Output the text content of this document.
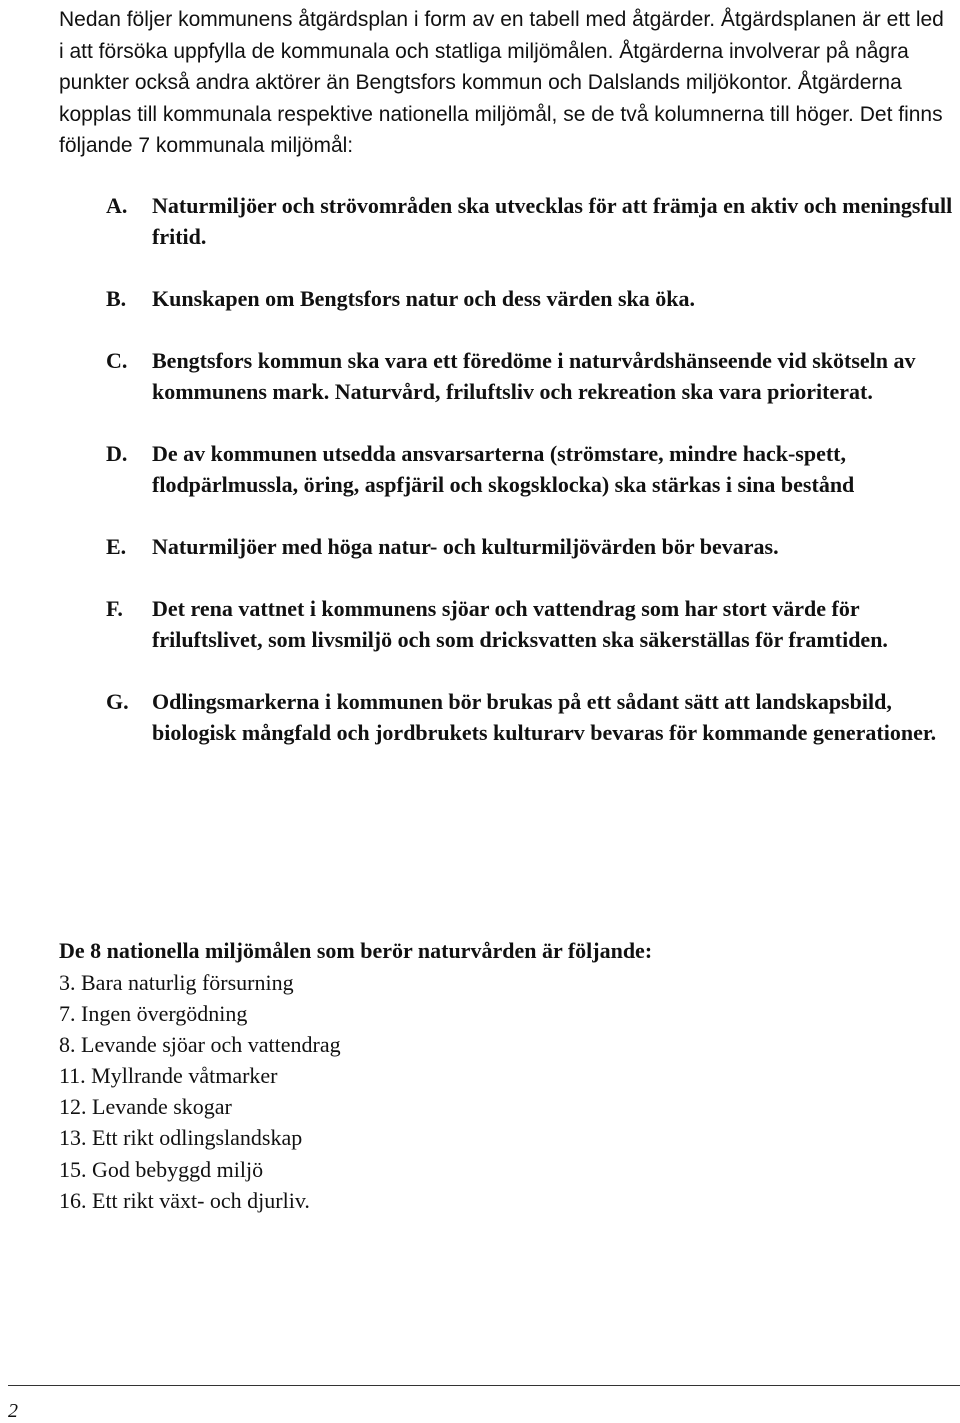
Nedan följer kommunens åtgärdsplan i form av en tabell med åtgärder. Åtgärdsplanen är ett led i att försöka uppfylla de kommunala och statliga miljömålen. Åtgärderna involverar på några punkter också andra aktörer än Bengtsfors kommun och Dalslands miljökontor. Åtgärderna kopplas till kommunala respektive nationella miljömål, se de två kolumnerna till höger. Det finns följande 7 kommunala miljömål:

A. Naturmiljöer och strövområden ska utvecklas för att främja en aktiv och meningsfull fritid.
B. Kunskapen om Bengtsfors natur och dess värden ska öka.
C. Bengtsfors kommun ska vara ett föredöme i naturvårdshänseende vid skötseln av kommunens mark. Naturvård, friluftsliv och rekreation ska vara prioriterat.
D. De av kommunen utsedda ansvarsarterna (strömstare, mindre hack-spett, flodpärlmussla, öring, aspfjäril och skogsklocka) ska stärkas i sina bestånd
E. Naturmiljöer med höga natur- och kulturmiljövärden bör bevaras.
F. Det rena vattnet i kommunens sjöar och vattendrag som har stort värde för friluftslivet, som livsmiljö och som dricksvatten ska säkerställas för framtiden.
G. Odlingsmarkerna i kommunen bör brukas på ett sådant sätt att landskapsbild, biologisk mångfald och jordbrukets kulturarv bevaras för kommande generationer.
De 8 nationella miljömålen som berör naturvården är följande:
3. Bara naturlig försurning
7. Ingen övergödning
8. Levande sjöar och vattendrag
11. Myllrande våtmarker
12. Levande skogar
13. Ett rikt odlingslandskap
15. God bebyggd miljö
16. Ett rikt växt- och djurliv.
2
